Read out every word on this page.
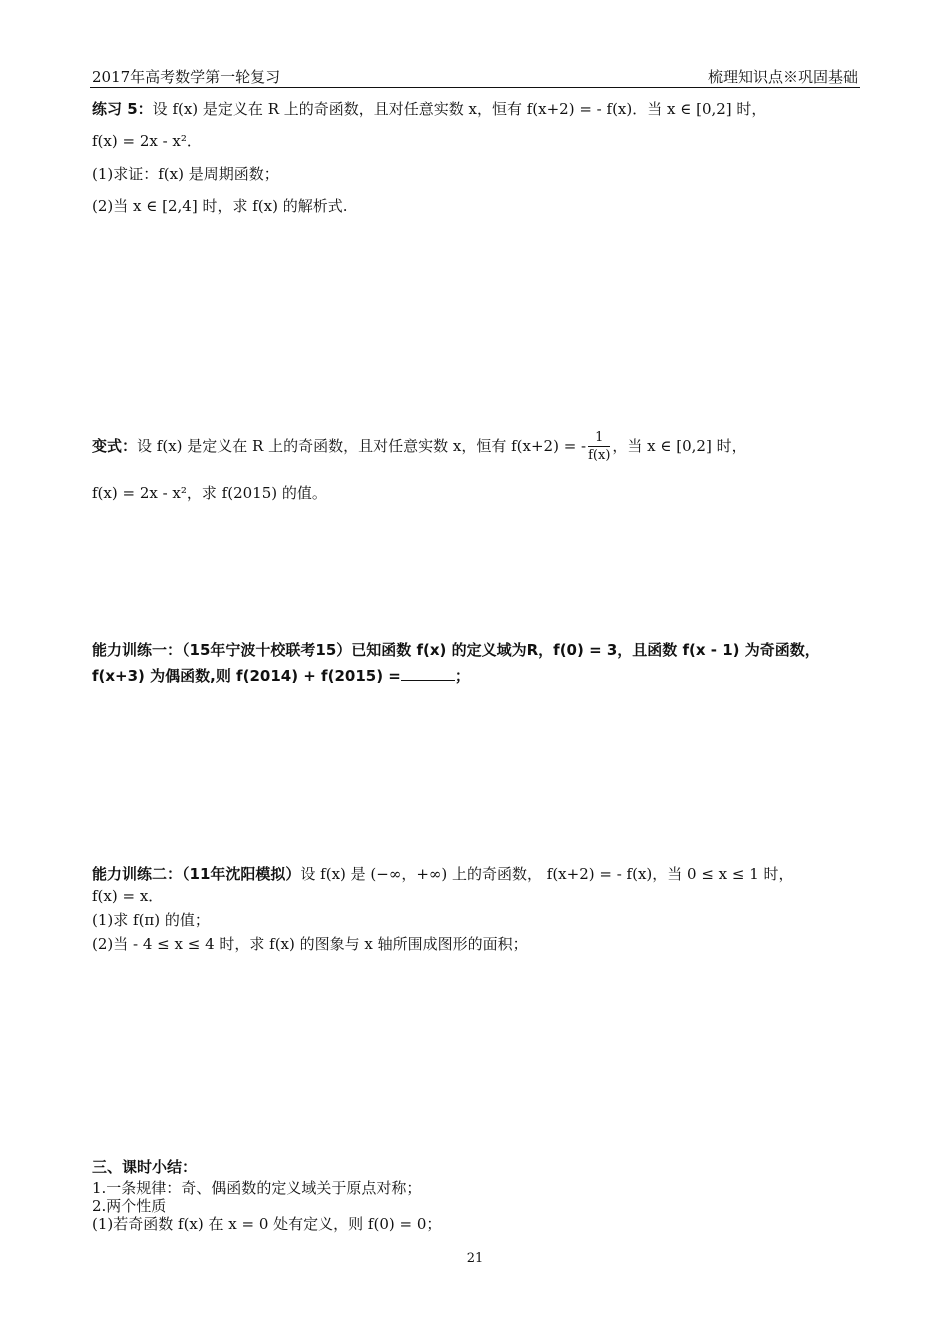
2017年高考数学第一轮复习	梳理知识点※巩固基础
练习 5：设 f(x) 是定义在 R 上的奇函数，且对任意实数 x，恒有 f(x+2) = - f(x)．当 x ∈ [0,2] 时，
f(x) = 2x - x²．
(1)求证：f(x) 是周期函数；
(2)当 x ∈ [2,4] 时，求 f(x) 的解析式.
变式：设 f(x) 是定义在 R 上的奇函数，且对任意实数 x，恒有 f(x+2) = - $\frac{1}{f(x)}$ ，当 x ∈ [0,2] 时，
f(x) = 2x - x²，求 f(2015) 的值。
能力训练一：（15年宁波十校联考15）已知函数 f(x) 的定义域为R，f(0) = 3，且函数 f(x - 1) 为奇函数，
f(x+3) 为偶函数,则 f(2014) + f(2015) =	；
能力训练二：（11年沈阳模拟）设 f(x) 是 (−∞，+∞) 上的奇函数， f(x+2) = - f(x)，当 0 ≤ x ≤ 1 时，
f(x) = x．
(1)求 f(π) 的值；
(2)当 - 4 ≤ x ≤ 4 时，求 f(x) 的图象与 x 轴所围成图形的面积；
三、课时小结：
1.一条规律：奇、偶函数的定义域关于原点对称；
2.两个性质
(1)若奇函数 f(x) 在 x = 0 处有定义，则 f(0) = 0；
21
